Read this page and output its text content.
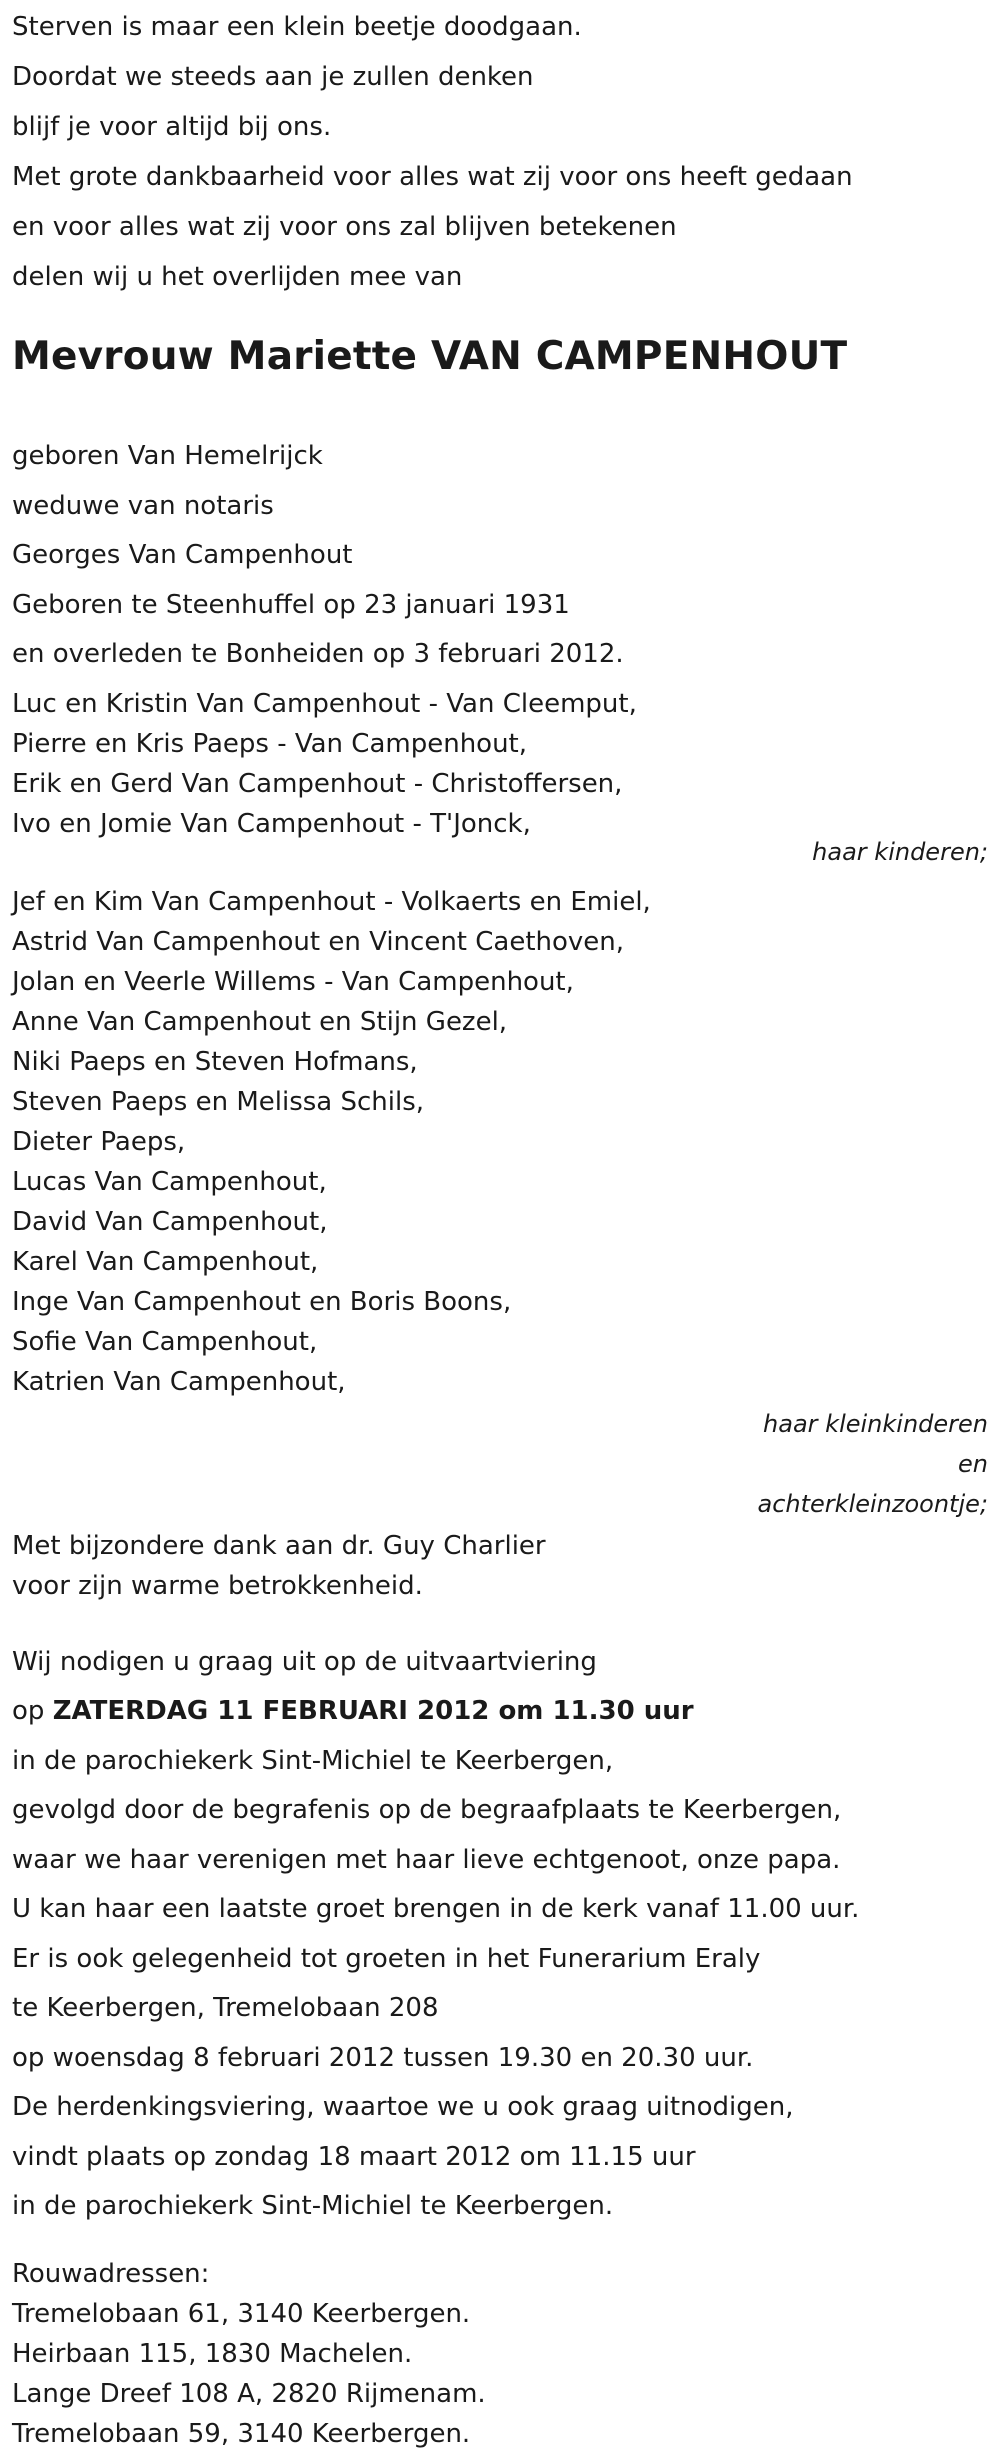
Sterven is maar een klein beetje doodgaan.
Doordat we steeds aan je zullen denken
blijf je voor altijd bij ons.
Met grote dankbaarheid voor alles wat zij voor ons heeft gedaan
en voor alles wat zij voor ons zal blijven betekenen
delen wij u het overlijden mee van
Mevrouw Mariette VAN CAMPENHOUT
geboren Van Hemelrijck
weduwe van notaris
Georges Van Campenhout
Geboren te Steenhuffel op 23 januari 1931
en overleden te Bonheiden op 3 februari 2012.
Luc en Kristin Van Campenhout - Van Cleemput,
Pierre en Kris Paeps - Van Campenhout,
Erik en Gerd Van Campenhout - Christoffersen,
Ivo en Jomie Van Campenhout - T'Jonck,
haar kinderen;
Jef en Kim Van Campenhout - Volkaerts en Emiel,
Astrid Van Campenhout en Vincent Caethoven,
Jolan en Veerle Willems - Van Campenhout,
Anne Van Campenhout en Stijn Gezel,
Niki Paeps en Steven Hofmans,
Steven Paeps en Melissa Schils,
Dieter Paeps,
Lucas Van Campenhout,
David Van Campenhout,
Karel Van Campenhout,
Inge Van Campenhout en Boris Boons,
Sofie Van Campenhout,
Katrien Van Campenhout,
haar kleinkinderen
en
achterkleinzoontje;
Met bijzondere dank aan dr. Guy Charlier
voor zijn warme betrokkenheid.
Wij nodigen u graag uit op de uitvaartviering
op ZATERDAG 11 FEBRUARI 2012 om 11.30 uur
in de parochiekerk Sint-Michiel te Keerbergen,
gevolgd door de begrafenis op de begraafplaats te Keerbergen,
waar we haar verenigen met haar lieve echtgenoot, onze papa.
U kan haar een laatste groet brengen in de kerk vanaf 11.00 uur.
Er is ook gelegenheid tot groeten in het Funerarium Eraly
te Keerbergen, Tremelobaan 208
op woensdag 8 februari 2012 tussen 19.30 en 20.30 uur.
De herdenkingsviering, waartoe we u ook graag uitnodigen,
vindt plaats op zondag 18 maart 2012 om 11.15 uur
in de parochiekerk Sint-Michiel te Keerbergen.
Rouwadressen:
Tremelobaan 61, 3140 Keerbergen.
Heirbaan 115, 1830 Machelen.
Lange Dreef 108 A, 2820 Rijmenam.
Tremelobaan 59, 3140 Keerbergen.
